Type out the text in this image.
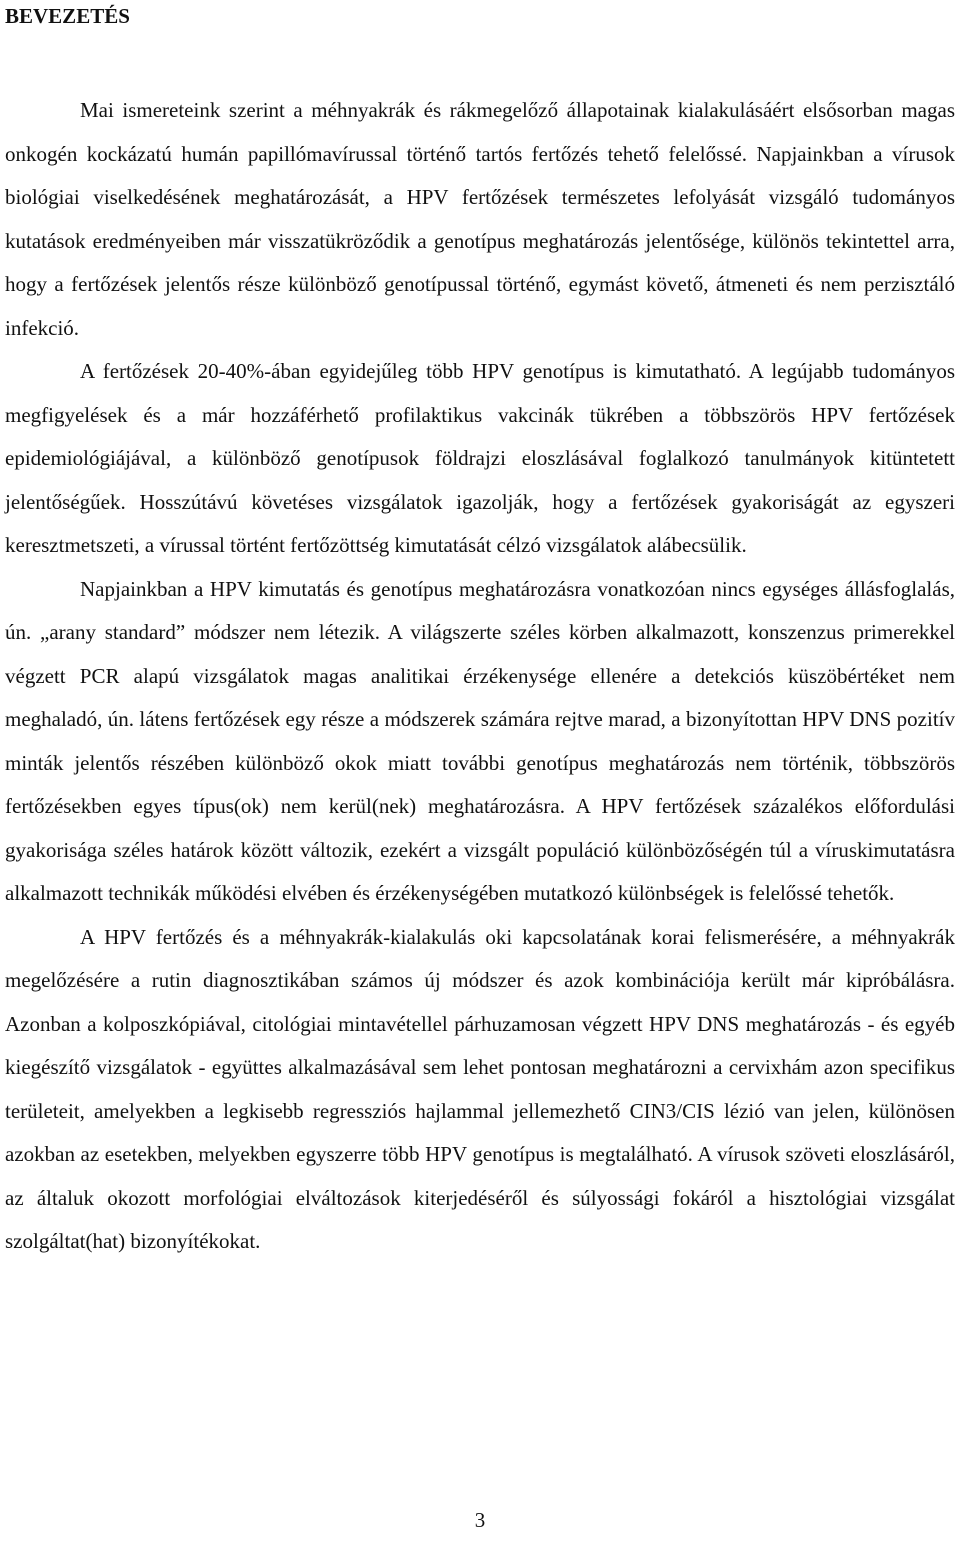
BEVEZETÉS

Mai ismereteink szerint a méhnyakrák és rákmegelőző állapotainak kialakulásáért elsősorban magas onkogén kockázatú humán papillómavírussal történő tartós fertőzés tehető felelőssé. Napjainkban a vírusok biológiai viselkedésének meghatározását, a HPV fertőzések természetes lefolyását vizsgáló tudományos kutatások eredményeiben már visszatükröződik a genotípus meghatározás jelentősége, különös tekintettel arra, hogy a fertőzések jelentős része különböző genotípussal történő, egymást követő, átmeneti és nem perzisztáló infekció.

A fertőzések 20-40%-ában egyidejűleg több HPV genotípus is kimutatható. A legújabb tudományos megfigyelések és a már hozzáférhető profilaktikus vakcinák tükrében a többszörös HPV fertőzések epidemiológiájával, a különböző genotípusok földrajzi eloszlásával foglalkozó tanulmányok kitüntetett jelentőségűek. Hosszútávú követéses vizsgálatok igazolják, hogy a fertőzések gyakoriságát az egyszeri keresztmetszeti, a vírussal történt fertőzöttség kimutatását célzó vizsgálatok alábecsülik.

Napjainkban a HPV kimutatás és genotípus meghatározásra vonatkozóan nincs egységes állásfoglalás, ún. „arany standard” módszer nem létezik. A világszerte széles körben alkalmazott, konszenzus primerekkel végzett PCR alapú vizsgálatok magas analitikai érzékenysége ellenére a detekciós küszöbértéket nem meghaladó, ún. látens fertőzések egy része a módszerek számára rejtve marad, a bizonyítottan HPV DNS pozitív minták jelentős részében különböző okok miatt további genotípus meghatározás nem történik, többszörös fertőzésekben egyes típus(ok) nem kerül(nek) meghatározásra. A HPV fertőzések százalékos előfordulási gyakorisága széles határok között változik, ezekért a vizsgált populáció különbözőségén túl a víruskimutatásra alkalmazott technikák működési elvében és érzékenységében mutatkozó különbségek is felelőssé tehetők.

A HPV fertőzés és a méhnyakrák-kialakulás oki kapcsolatának korai felismerésére, a méhnyakrák megelőzésére a rutin diagnosztikában számos új módszer és azok kombinációja került már kipróbálásra. Azonban a kolposzkópiával, citológiai mintavétellel párhuzamosan végzett HPV DNS meghatározás - és egyéb kiegészítő vizsgálatok - együttes alkalmazásával sem lehet pontosan meghatározni a cervixhám azon specifikus területeit, amelyekben a legkisebb regressziós hajlammal jellemezhető CIN3/CIS lézió van jelen, különösen azokban az esetekben, melyekben egyszerre több HPV genotípus is megtalálható. A vírusok szöveti eloszlásáról, az általuk okozott morfológiai elváltozások kiterjedéséről és súlyossági fokáról a hisztológiai vizsgálat szolgáltat(hat) bizonyítékokat.

3
